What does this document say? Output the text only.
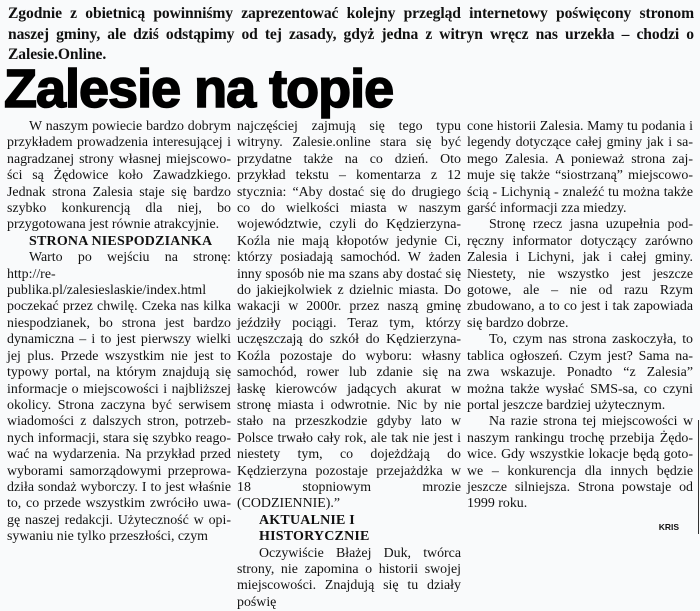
Zgodnie z obietnicą powinniśmy zaprezentować kolejny przegląd internetowy poświęcony stronom naszej gminy, ale dziś odstąpimy od tej zasady, gdyż jedna z witryn wręcz nas urzekła – chodzi o Zalesie.Online.
Zalesie na topie

W naszym powiecie bardzo dobrym przykładem prowadzenia interesującej i nagradzanej strony własnej miejscowości są Żędowice koło Zawadzkiego. Jednak strona Zalesia staje się bardzo szybko konkurencją dla niej, bo przygotowana jest równie atrakcyjnie.

STRONA NIESPODZIANKA

Warto po wejściu na stronę: http://republika.pl/zalesieslaskie/index.html poczekać przez chwilę. Czeka nas kilka niespodzianek, bo strona jest bardzo dynamiczna – i to jest pierwszy wielki jej plus. Przede wszystkim nie jest to typowy portal, na którym znajdują się informacje o miejscowości i najbliższej okolicy. Strona zaczyna być serwisem wiadomości z dalszych stron, potrzebnych informacji, stara się szybko reagować na wydarzenia. Na przykład przed wyborami samorządowymi przeprowadziła sondaż wyborczy. I to jest właśnie to, co przede wszystkim zwróciło uwagę naszej redakcji. Użyteczność w opisywaniu nie tylko przeszłości, czym

najczęściej zajmują się tego typu witryny. Zalesie.online stara się być przydatne także na co dzień. Oto przykład tekstu – komentarza z 12 stycznia: “Aby dostać się do drugiego co do wielkości miasta w naszym województwie, czyli do Kędzierzyna-Koźla nie mają kłopotów jedynie Ci, którzy posiadają samochód. W żaden inny sposób nie ma szans aby dostać się do jakiejkolwiek z dzielnic miasta. Do wakacji w 2000r. przez naszą gminę jeździły pociągi. Teraz tym, którzy uczęszczają do szkół do Kędzierzyna-Koźla pozostaje do wyboru: własny samochód, rower lub zdanie się na łaskę kierowców jadących akurat w stronę miasta i odwrotnie. Nic by nie stało na przeszkodzie gdyby lato w Polsce trwało cały rok, ale tak nie jest i niestety tym, co dojeżdżają do Kędzierzyna pozostaje przejażdżka w 18 stopniowym mrozie (CODZIENNIE).”

AKTUALNIE I HISTORYCZNIE

Oczywiście Błażej Duk, twórca strony, nie zapomina o historii swojej miejscowości. Znajdują się tu działy poświę

cone historii Zalesia. Mamy tu podania i legendy dotyczące całej gminy jak i samego Zalesia. A ponieważ strona zajmuje się także “siostrzaną” miejscowością - Lichynią - znaleźć tu można także garść informacji zza miedzy.

Stronę rzecz jasna uzupełnia podręczny informator dotyczący zarówno Zalesia i Lichyni, jak i całej gminy. Niestety, nie wszystko jest jeszcze gotowe, ale – nie od razu Rzym zbudowano, a to co jest i tak zapowiada się bardzo dobrze.

To, czym nas strona zaskoczyła, to tablica ogłoszeń. Czym jest? Sama nazwa wskazuje. Ponadto “z Zalesia” można także wysłać SMS-sa, co czyni portal jeszcze bardziej użytecznym.

Na razie strona tej miejscowości w naszym rankingu trochę przebija Żędowice. Gdy wszystkie lokacje będą gotowe – konkurencja dla innych będzie jeszcze silniejsza. Strona powstaje od 1999 roku.

KRIS
